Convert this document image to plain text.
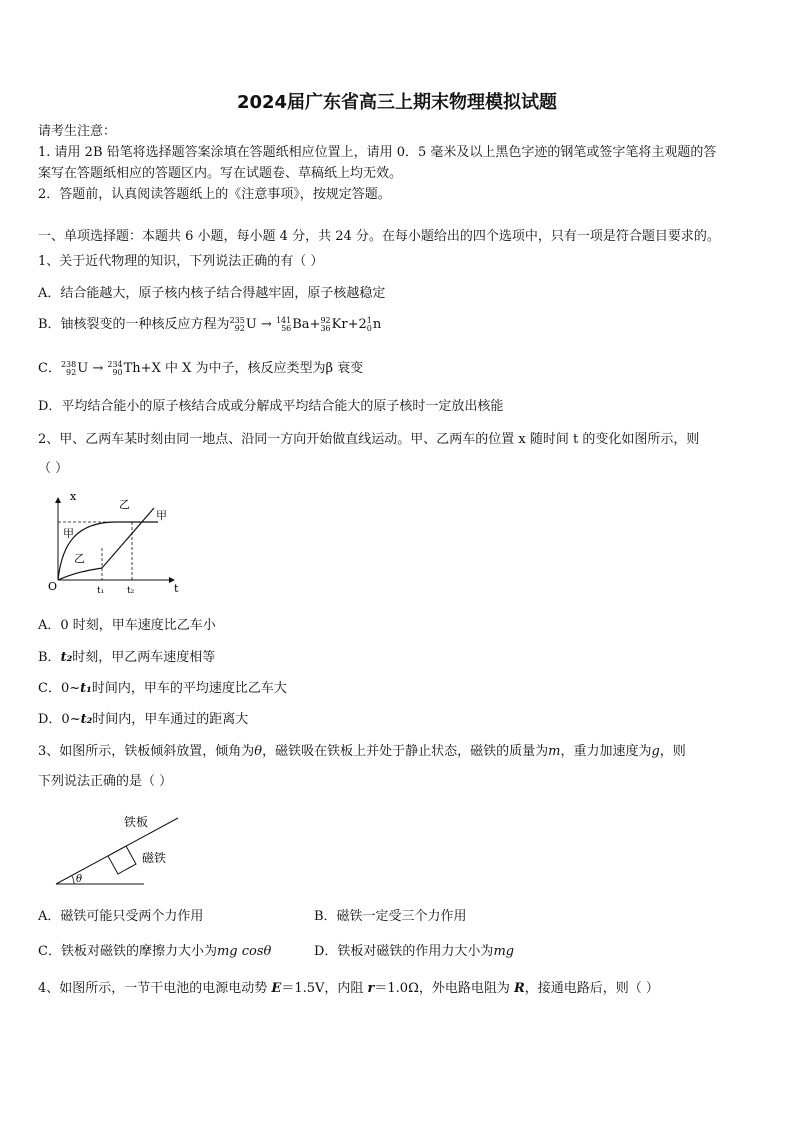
2024届广东省高三上期末物理模拟试题
请考生注意：
1. 请用 2B 铅笔将选择题答案涂填在答题纸相应位置上，请用 0．5 毫米及以上黑色字迹的钢笔或签字笔将主观题的答
案写在答题纸相应的答题区内。写在试题卷、草稿纸上均无效。
2．答题前，认真阅读答题纸上的《注意事项》，按规定答题。
一、单项选择题：本题共 6 小题，每小题 4 分，共 24 分。在每小题给出的四个选项中，只有一项是符合题目要求的。
1、关于近代物理的知识，下列说法正确的有（ ）
A．结合能越大，原子核内核子结合得越牢固，原子核越稳定
B．铀核裂变的一种核反应方程为 235
92 U → 141
56 Ba+ 92
36 Kr+2 1
0 n
C． 238
92 U → 234
90 Th+X 中 X 为中子，核反应类型为β 衰变
D．平均结合能小的原子核结合成或分解成平均结合能大的原子核时一定放出核能
2、甲、乙两车某时刻由同一地点、沿同一方向开始做直线运动。甲、乙两车的位置 x 随时间 t 的变化如图所示，则
（ ）
x
O	t
t₁	t₂
甲
乙
乙
甲
A．0 时刻，甲车速度比乙车小
B．t₂时刻，甲乙两车速度相等
C．0~t₁时间内，甲车的平均速度比乙车大
D．0~t₂时间内，甲车通过的距离大
3、如图所示，铁板倾斜放置，倾角为θ，磁铁吸在铁板上并处于静止状态，磁铁的质量为m，重力加速度为g，则
下列说法正确的是（ ）
θ
铁板
磁铁
A．磁铁可能只受两个力作用	B．磁铁一定受三个力作用
C．铁板对磁铁的摩擦力大小为mg cosθ	D．铁板对磁铁的作用力大小为mg
4、如图所示，一节干电池的电源电动势 E＝1.5V，内阻 r＝1.0Ω，外电路电阻为 R，接通电路后，则（ ）
